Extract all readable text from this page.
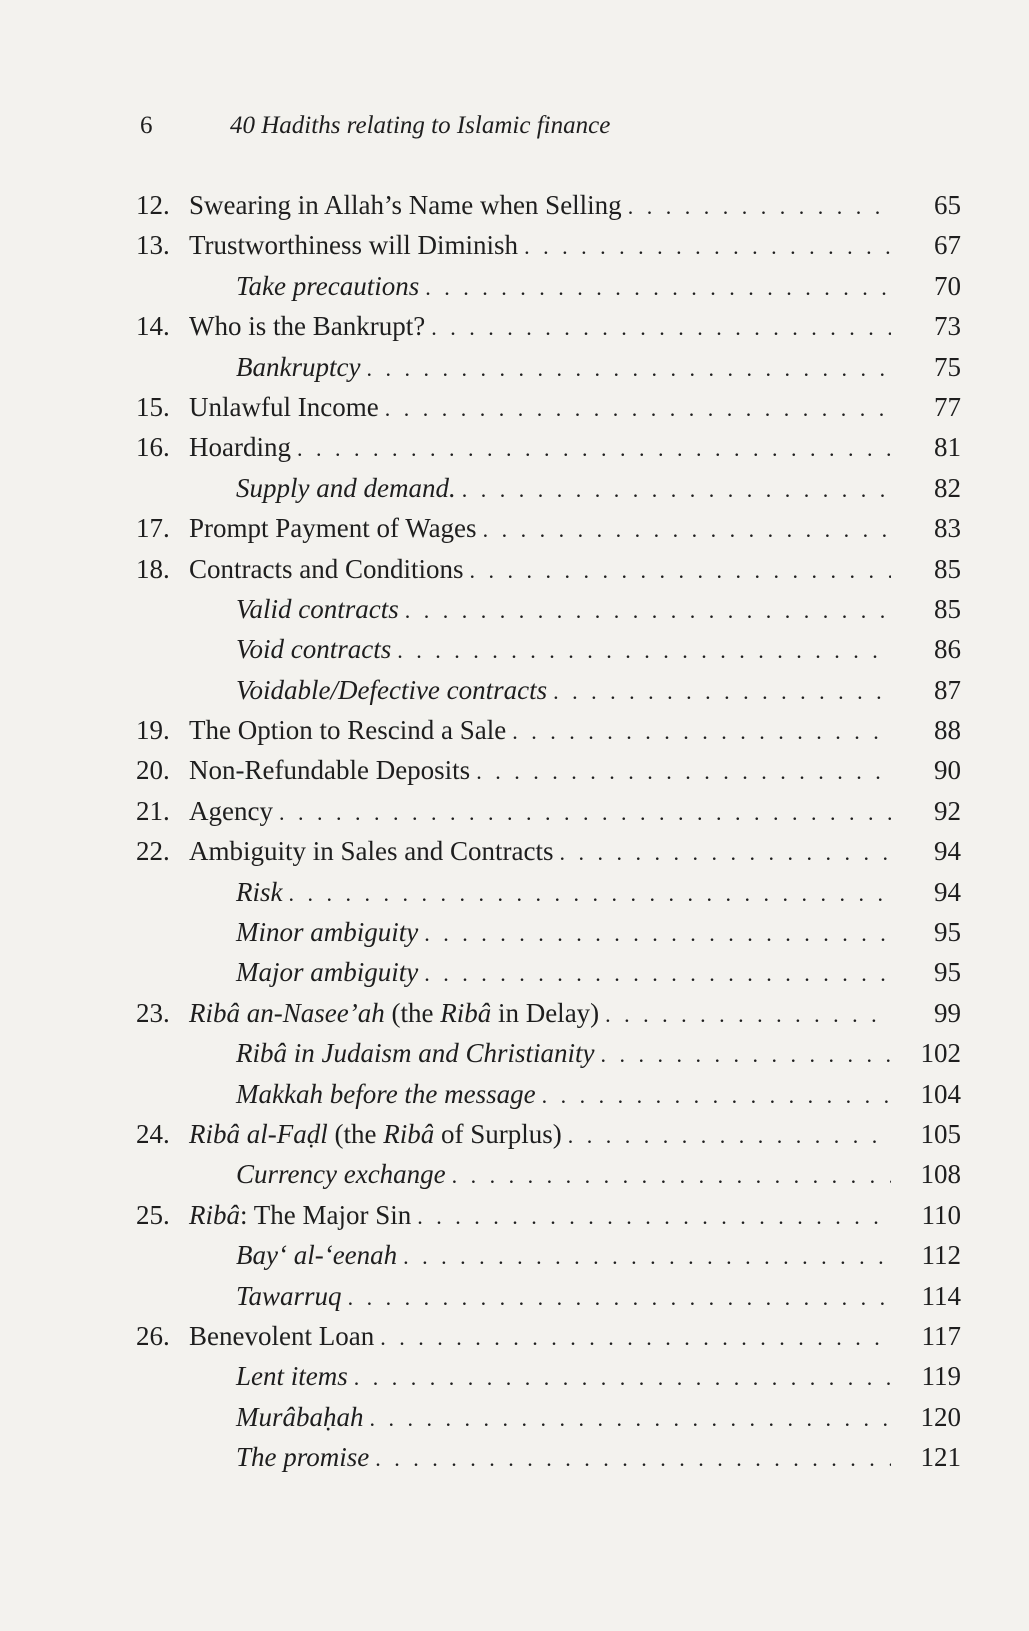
6	40 Hadiths relating to Islamic finance
12. Swearing in Allah’s Name when Selling . . .	65
13. Trustworthiness will Diminish . . .	67
Take precautions . . .	70
14. Who is the Bankrupt? . . .	73
Bankruptcy . . .	75
15. Unlawful Income . . .	77
16. Hoarding . . .	81
Supply and demand. . . .	82
17. Prompt Payment of Wages . . .	83
18. Contracts and Conditions . . .	85
Valid contracts . . .	85
Void contracts . . .	86
Voidable/Defective contracts . . .	87
19. The Option to Rescind a Sale . . .	88
20. Non-Refundable Deposits . . .	90
21. Agency . . .	92
22. Ambiguity in Sales and Contracts . . .	94
Risk . . .	94
Minor ambiguity . . .	95
Major ambiguity . . .	95
23. Ribâ an-Nasee’ah (the Ribâ in Delay) . . .	99
Ribâ in Judaism and Christianity . . .	102
Makkah before the message . . .	104
24. Ribâ al-Faḍl (the Ribâ of Surplus) . . .	105
Currency exchange . . .	108
25. Ribâ: The Major Sin . . .	110
Bay‘ al-‘eenah . . .	112
Tawarruq . . .	114
26. Benevolent Loan . . .	117
Lent items . . .	119
Murâbaḥah . . .	120
The promise . . .	121
